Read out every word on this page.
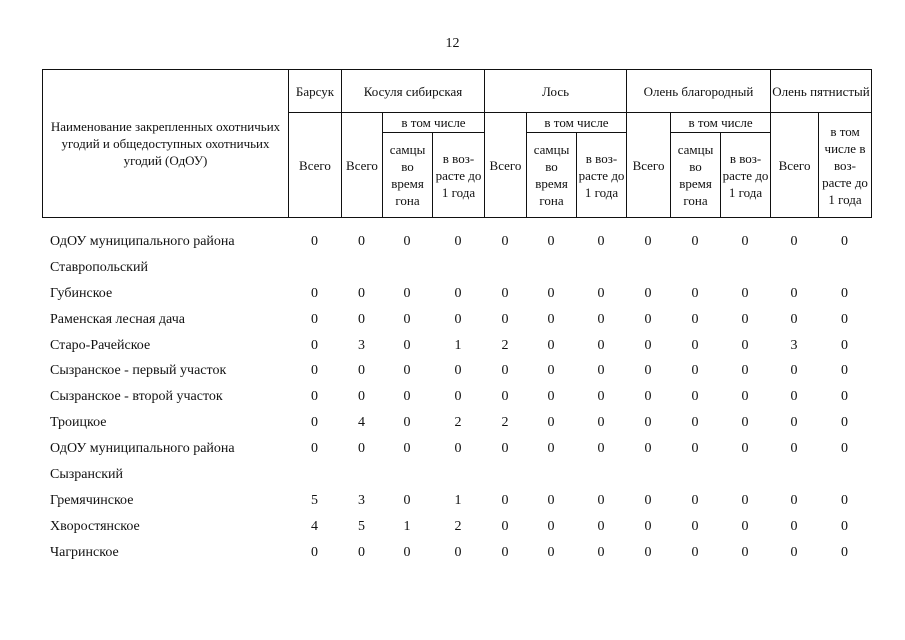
12
Наименование закрепленных охотничьих угодий и общедоступных охотничьих угодий (ОдОУ)	Барсук	Косуля сибирская			Лось			Олень благородный			Олень пятнистый	
	Всего	Всего	в том числе		Всего	в том числе		Всего	в том числе		Всего	в том числе в воз-расте до 1 года
			самцы во время гона	в воз-расте до 1 года		самцы во время гона	в воз-расте до 1 года		самцы во время гона	в воз-расте до 1 года		
ОдОУ муниципального района	0	0	0	0	0	0	0	0	0	0	0	0
Ставропольский												
Губинское	0	0	0	0	0	0	0	0	0	0	0	0
Раменская лесная дача	0	0	0	0	0	0	0	0	0	0	0	0
Старо-Рачейское	0	3	0	1	2	0	0	0	0	0	3	0
Сызранское - первый участок	0	0	0	0	0	0	0	0	0	0	0	0
Сызранское - второй участок	0	0	0	0	0	0	0	0	0	0	0	0
Троицкое	0	4	0	2	2	0	0	0	0	0	0	0
ОдОУ муниципального района	0	0	0	0	0	0	0	0	0	0	0	0
Сызранский												
Гремячинское	5	3	0	1	0	0	0	0	0	0	0	0
Хворостянское	4	5	1	2	0	0	0	0	0	0	0	0
Чагринское	0	0	0	0	0	0	0	0	0	0	0	0
